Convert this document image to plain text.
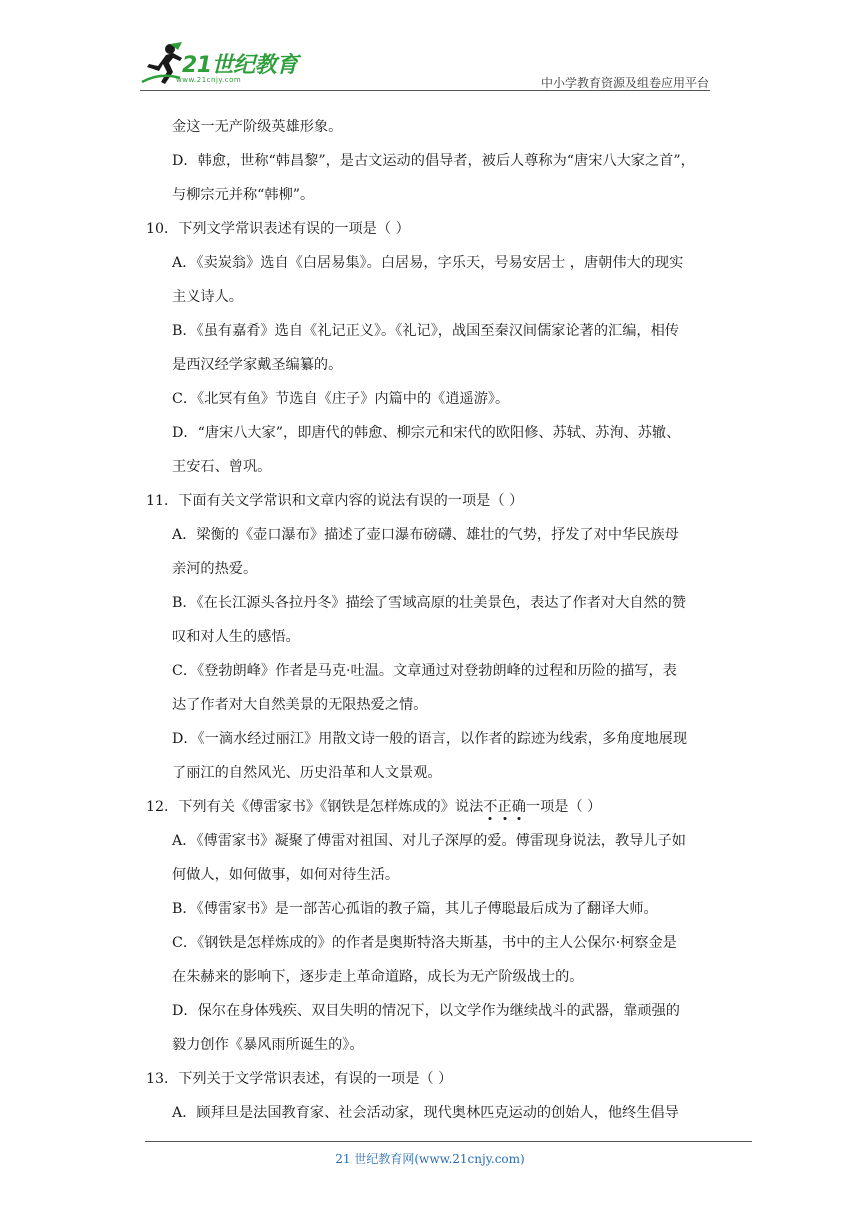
21世纪教育
www.21cnjy.com	中小学教育资源及组卷应用平台
金这一无产阶级英雄形象。
D．韩愈，世称“韩昌黎”，是古文运动的倡导者，被后人尊称为“唐宋八大家之首”，
与柳宗元并称“韩柳”。
10．下列文学常识表述有误的一项是（ ）
A．《卖炭翁》选自《白居易集》。白居易，字乐天，号易安居士 ，唐朝伟大的现实
主义诗人。
B．《虽有嘉肴》选自《礼记正义》。《礼记》，战国至秦汉间儒家论著的汇编，相传
是西汉经学家戴圣编纂的。
C．《北冥有鱼》节选自《庄子》内篇中的《逍遥游》。
D．“唐宋八大家”，即唐代的韩愈、柳宗元和宋代的欧阳修、苏轼、苏洵、苏辙、
王安石、曾巩。
11．下面有关文学常识和文章内容的说法有误的一项是（ ）
A．梁衡的《壶口瀑布》描述了壶口瀑布磅礴、雄壮的气势，抒发了对中华民族母
亲河的热爱。
B．《在长江源头各拉丹冬》描绘了雪域高原的壮美景色，表达了作者对大自然的赞
叹和对人生的感悟。
C．《登勃朗峰》作者是马克·吐温。文章通过对登勃朗峰的过程和历险的描写，表
达了作者对大自然美景的无限热爱之情。
D．《一滴水经过丽江》用散文诗一般的语言，以作者的踪迹为线索，多角度地展现
了丽江的自然风光、历史沿革和人文景观。
12．下列有关《傅雷家书》《钢铁是怎样炼成的》说法不正确一项是（ ）
A．《傅雷家书》凝聚了傅雷对祖国、对儿子深厚的爱。傅雷现身说法，教导儿子如
何做人，如何做事，如何对待生活。
B．《傅雷家书》是一部苦心孤诣的教子篇，其儿子傅聪最后成为了翻译大师。
C．《钢铁是怎样炼成的》的作者是奥斯特洛夫斯基，书中的主人公保尔·柯察金是
在朱赫来的影响下，逐步走上革命道路，成长为无产阶级战士的。
D．保尔在身体残疾、双目失明的情况下，以文学作为继续战斗的武器，靠顽强的
毅力创作《暴风雨所诞生的》。
13．下列关于文学常识表述，有误的一项是（ ）
A．顾拜旦是法国教育家、社会活动家，现代奥林匹克运动的创始人，他终生倡导
21 世纪教育网(www.21cnjy.com)
